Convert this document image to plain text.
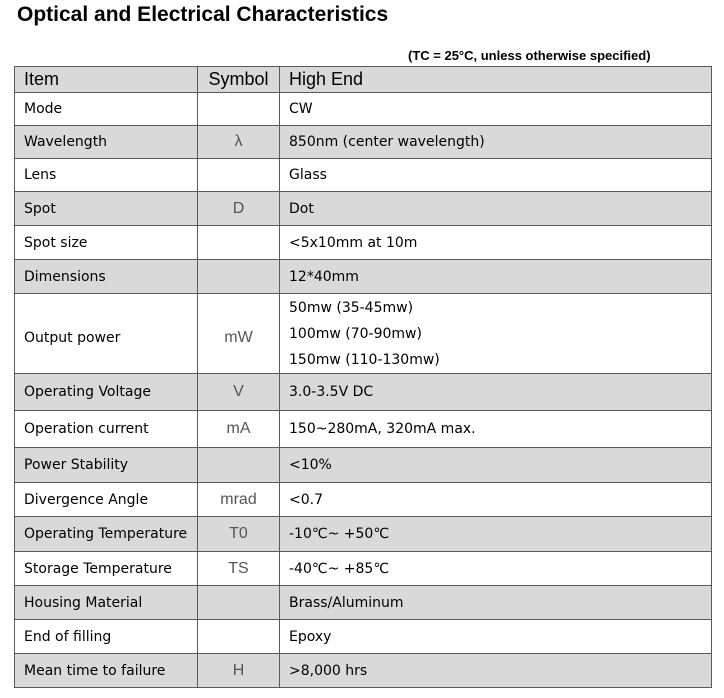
Optical and Electrical Characteristics
(TC = 25°C, unless otherwise specified)
Item	Symbol	High End
Mode		CW
Wavelength	λ	850nm (center wavelength)
Lens		Glass
Spot	D	Dot
Spot size		<5x10mm at 10m
Dimensions		12*40mm
Output power	mW	50mw (35-45mw)
100mw (70-90mw)
150mw (110-130mw)

Operating Voltage	V	3.0-3.5V DC
Operation current	mA	150~280mA, 320mA max.
Power Stability		<10%
Divergence Angle	mrad	<0.7
Operating Temperature	T0	-10℃~ +50℃
Storage Temperature	TS	-40℃~ +85℃
Housing Material		Brass/Aluminum
End of filling		Epoxy
Mean time to failure	H	>8,000 hrs
